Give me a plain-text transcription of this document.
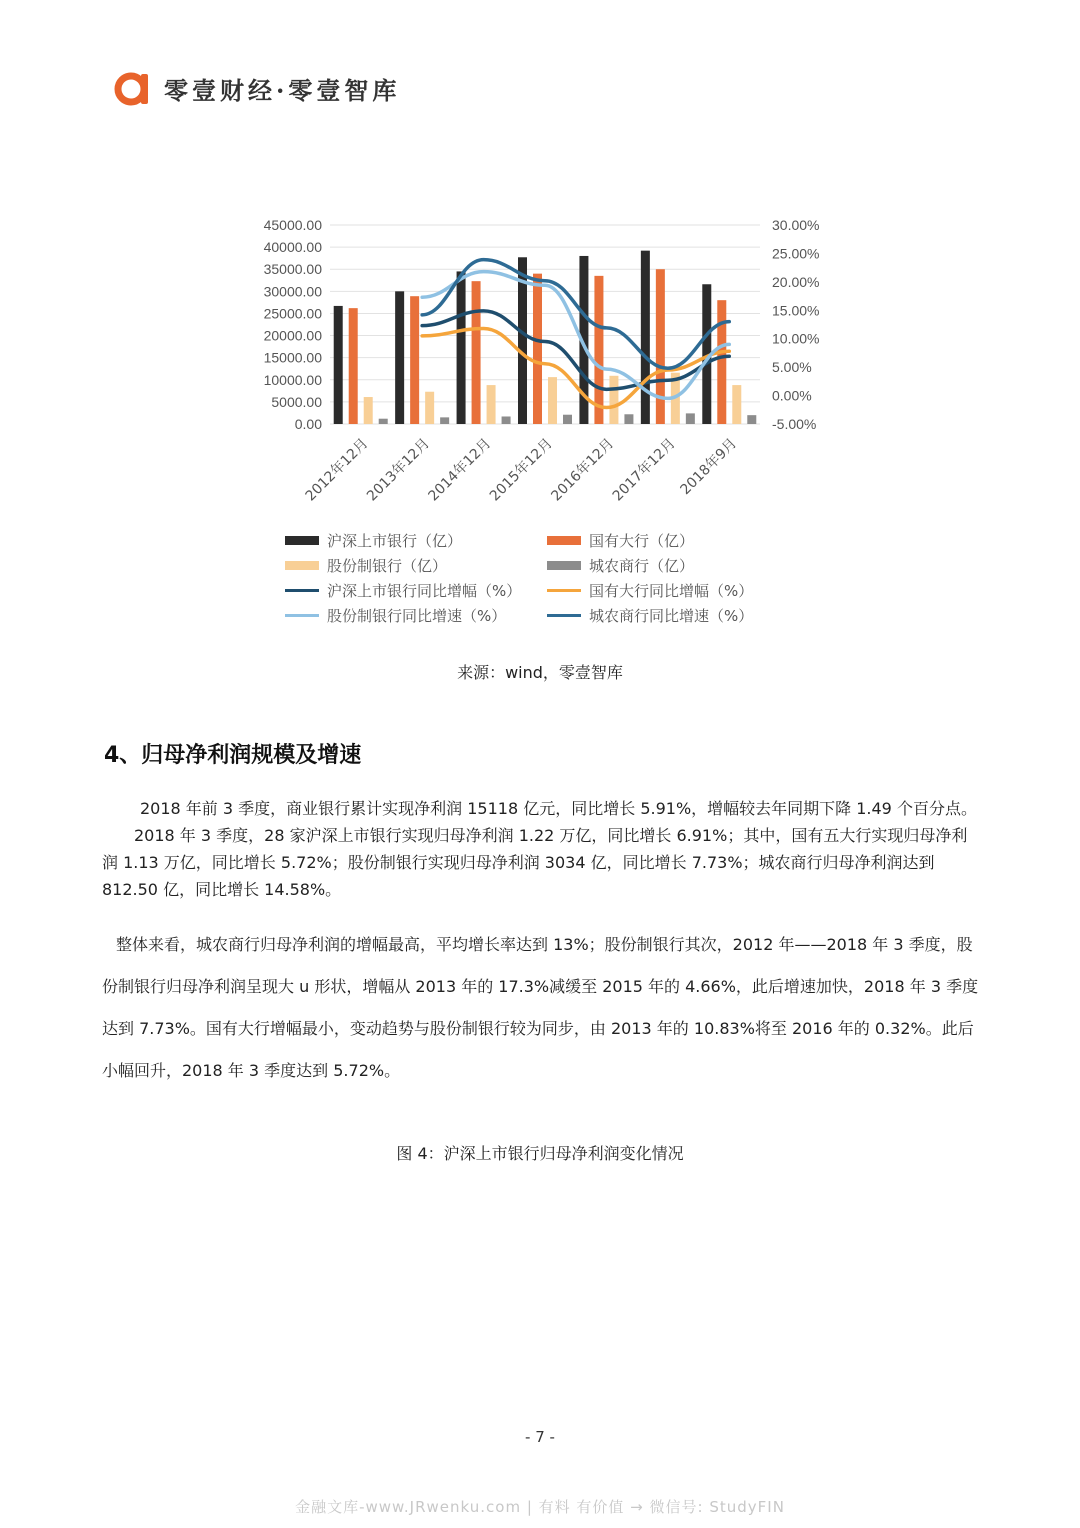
零壹财经·零壹智库
0.00
5000.00
10000.00
15000.00
20000.00
25000.00
30000.00
35000.00
40000.00
45000.00
-5.00%
0.00%
5.00%
10.00%
15.00%
20.00%
25.00%
30.00%
2012年12月
2013年12月
2014年12月
2015年12月
2016年12月
2017年12月
2018年9月
沪深上市银行（亿）	国有大行（亿）
股份制银行（亿）	城农商行（亿）
沪深上市银行同比增幅（%）	国有大行同比增幅（%）
股份制银行同比增速（%）	城农商行同比增速（%）
来源：wind，零壹智库
4、归母净利润规模及增速
2018 年前 3 季度，商业银行累计实现净利润 15118 亿元，同比增长 5.91%，增幅较去年同期下降 1.49 个百分点。
2018 年 3 季度，28 家沪深上市银行实现归母净利润 1.22 万亿，同比增长 6.91%；其中，国有五大行实现归母净利润 1.13 万亿，同比增长 5.72%；股份制银行实现归母净利润 3034 亿，同比增长 7.73%；城农商行归母净利润达到 812.50 亿，同比增长 14.58%。
整体来看，城农商行归母净利润的增幅最高，平均增长率达到 13%；股份制银行其次，2012 年——2018 年 3 季度，股份制银行归母净利润呈现大 u 形状，增幅从 2013 年的 17.3%减缓至 2015 年的 4.66%，此后增速加快，2018 年 3 季度达到 7.73%。国有大行增幅最小，变动趋势与股份制银行较为同步，由 2013 年的 10.83%将至 2016 年的 0.32%。此后小幅回升，2018 年 3 季度达到 5.72%。
图 4：沪深上市银行归母净利润变化情况
- 7 -
金融文库-www.JRwenku.com | 有料 有价值 → 微信号: StudyFIN
